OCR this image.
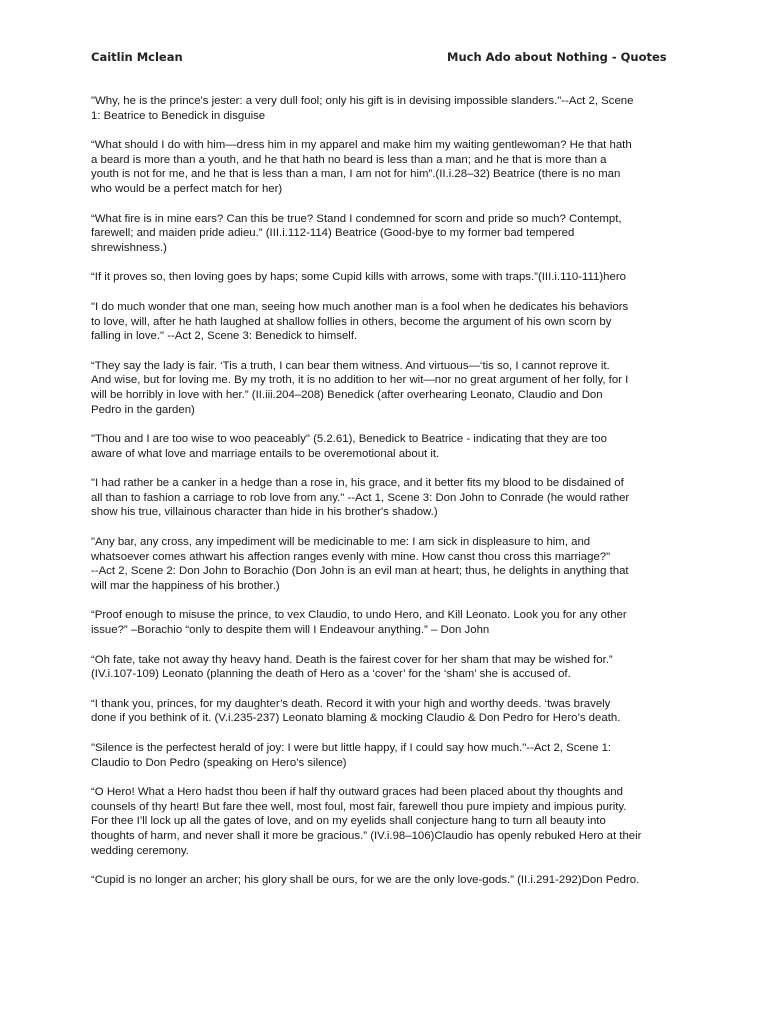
Caitlin Mclean	Much Ado about Nothing - Quotes

"Why, he is the prince's jester: a very dull fool; only his gift is in devising impossible slanders."--Act 2, Scene
1: Beatrice to Benedick in disguise

“What should I do with him—dress him in my apparel and make him my waiting gentlewoman? He that hath
a beard is more than a youth, and he that hath no beard is less than a man; and he that is more than a
youth is not for me, and he that is less than a man, I am not for him”.(II.i.28–32) Beatrice (there is no man
who would be a perfect match for her)

“What fire is in mine ears? Can this be true? Stand I condemned for scorn and pride so much? Contempt,
farewell; and maiden pride adieu.” (III.i.112-114) Beatrice (Good-bye to my former bad tempered
shrewishness.)

“If it proves so, then loving goes by haps; some Cupid kills with arrows, some with traps.”(III.i.110-111)hero

"I do much wonder that one man, seeing how much another man is a fool when he dedicates his behaviors
to love, will, after he hath laughed at shallow follies in others, become the argument of his own scorn by
falling in love." --Act 2, Scene 3: Benedick to himself.

“They say the lady is fair. ‘Tis a truth, I can bear them witness. And virtuous—‘tis so, I cannot reprove it.
And wise, but for loving me. By my troth, it is no addition to her wit—nor no great argument of her folly, for I
will be horribly in love with her.” (II.iii.204–208) Benedick (after overhearing Leonato, Claudio and Don
Pedro in the garden)

"Thou and I are too wise to woo peaceably" (5.2.61), Benedick to Beatrice - indicating that they are too
aware of what love and marriage entails to be overemotional about it.

"I had rather be a canker in a hedge than a rose in, his grace, and it better fits my blood to be disdained of
all than to fashion a carriage to rob love from any." --Act 1, Scene 3: Don John to Conrade (he would rather
show his true, villainous character than hide in his brother's shadow.)

"Any bar, any cross, any impediment will be medicinable to me: I am sick in displeasure to him, and
whatsoever comes athwart his affection ranges evenly with mine. How canst thou cross this marriage?"
--Act 2, Scene 2: Don John to Borachio (Don John is an evil man at heart; thus, he delights in anything that
will mar the happiness of his brother.)

“Proof enough to misuse the prince, to vex Claudio, to undo Hero, and Kill Leonato. Look you for any other
issue?” –Borachio “only to despite them will I Endeavour anything.” – Don John

“Oh fate, take not away thy heavy hand. Death is the fairest cover for her sham that may be wished for.”
(IV.i.107-109) Leonato (planning the death of Hero as a ‘cover’ for the ‘sham’ she is accused of.

“I thank you, princes, for my daughter’s death. Record it with your high and worthy deeds. ‘twas bravely
done if you bethink of it. (V.i.235-237) Leonato blaming & mocking Claudio & Don Pedro for Hero’s death.

"Silence is the perfectest herald of joy: I were but little happy, if I could say how much."--Act 2, Scene 1:
Claudio to Don Pedro (speaking on Hero’s silence)

“O Hero! What a Hero hadst thou been if half thy outward graces had been placed about thy thoughts and
counsels of thy heart! But fare thee well, most foul, most fair, farewell thou pure impiety and impious purity.
For thee I’ll lock up all the gates of love, and on my eyelids shall conjecture hang to turn all beauty into
thoughts of harm, and never shall it more be gracious.” (IV.i.98–106)Claudio has openly rebuked Hero at their
wedding ceremony.

“Cupid is no longer an archer; his glory shall be ours, for we are the only love-gods.” (II.i.291-292)Don Pedro.
